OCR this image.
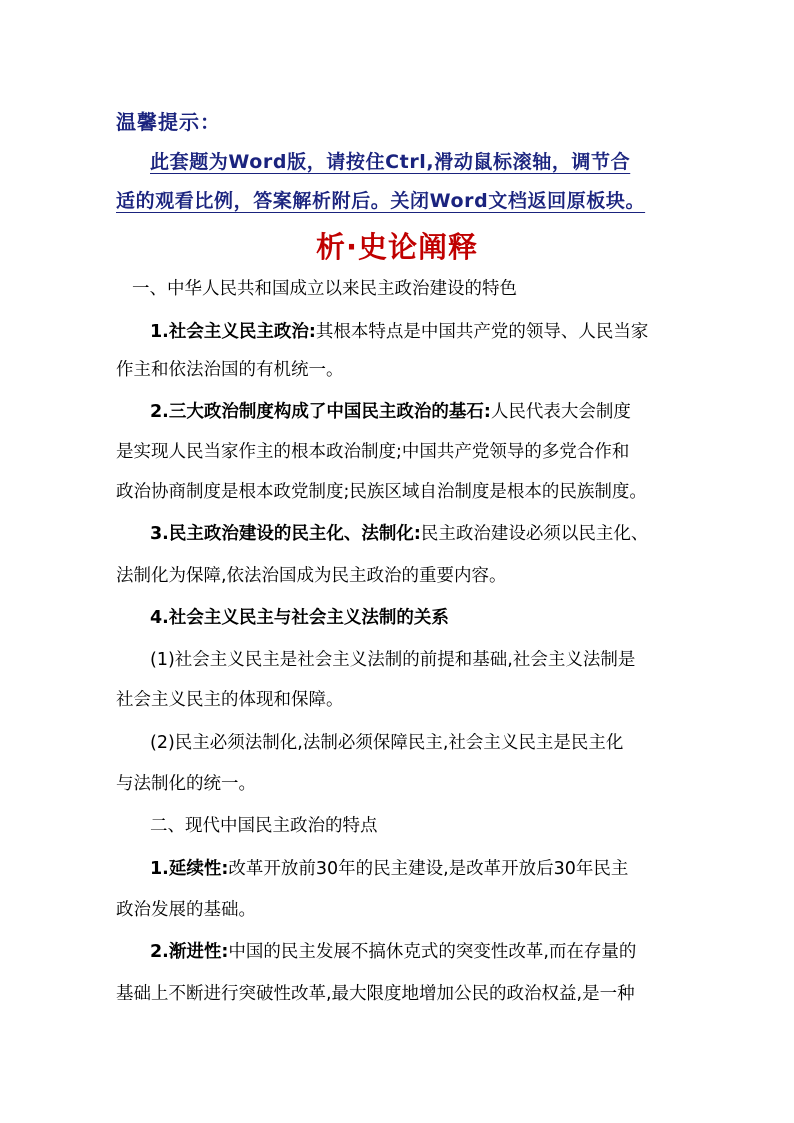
温馨提示：
此套题为Word版，请按住Ctrl,滑动鼠标滚轴，调节合
适的观看比例，答案解析附后。关闭Word文档返回原板块。
析·史论阐释
一、中华人民共和国成立以来民主政治建设的特色
1.社会主义民主政治:其根本特点是中国共产党的领导、人民当家
作主和依法治国的有机统一。
2.三大政治制度构成了中国民主政治的基石:人民代表大会制度
是实现人民当家作主的根本政治制度;中国共产党领导的多党合作和
政治协商制度是根本政党制度;民族区域自治制度是根本的民族制度。
3.民主政治建设的民主化、法制化:民主政治建设必须以民主化、
法制化为保障,依法治国成为民主政治的重要内容。
4.社会主义民主与社会主义法制的关系
(1)社会主义民主是社会主义法制的前提和基础,社会主义法制是
社会主义民主的体现和保障。
(2)民主必须法制化,法制必须保障民主,社会主义民主是民主化
与法制化的统一。
二、现代中国民主政治的特点
1.延续性:改革开放前30年的民主建设,是改革开放后30年民主
政治发展的基础。
2.渐进性:中国的民主发展不搞休克式的突变性改革,而在存量的
基础上不断进行突破性改革,最大限度地增加公民的政治权益,是一种
